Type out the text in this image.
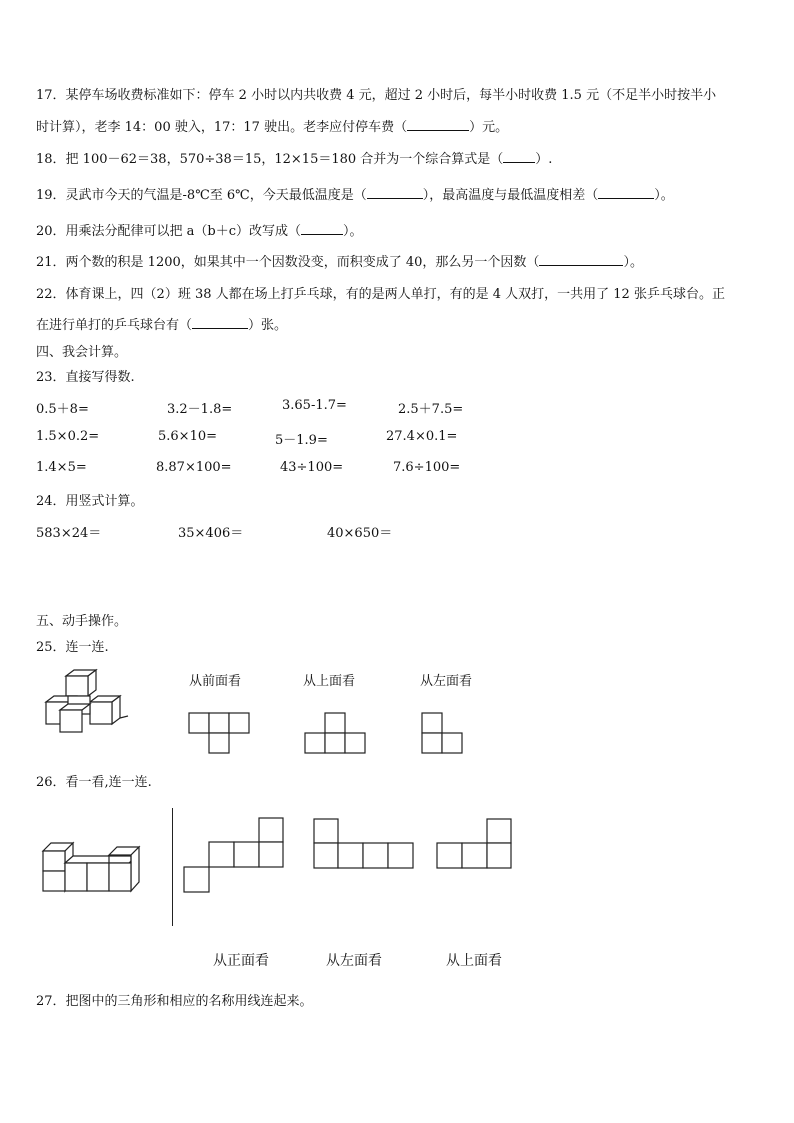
17．某停车场收费标准如下：停车 2 小时以内共收费 4 元，超过 2 小时后，每半小时收费 1.5 元（不足半小时按半小
时计算），老李 14：00 驶入，17：17 驶出。老李应付停车费（	）元。
18．把 100－62＝38，570÷38＝15，12×15＝180 合并为一个综合算式是（ ）.
19．灵武市今天的气温是-8℃至 6℃，今天最低温度是（	），最高温度与最低温度相差（	）。
20．用乘法分配律可以把 a（b＋c）改写成（	）。
21．两个数的积是 1200，如果其中一个因数没变，而积变成了 40，那么另一个因数（	）。
22．体育课上，四（2）班 38 人都在场上打乒乓球，有的是两人单打，有的是 4 人双打，一共用了 12 张乒乓球台。正
在进行单打的乒乓球台有（	）张。
四、我会计算。
23．直接写得数.
0.5＋8=	3.2－1.8=	3.65-1.7=	2.5＋7.5=
1.5×0.2=	5.6×10=	5－1.9=	27.4×0.1=
1.4×5=	8.87×100=	43÷100=	7.6÷100=
24．用竖式计算。
583×24＝	35×406＝	40×650＝
五、动手操作。
25．连一连.
从前面看	从上面看	从左面看
26．看一看,连一连.
从正面看	从左面看	从上面看
27．把图中的三角形和相应的名称用线连起来。
